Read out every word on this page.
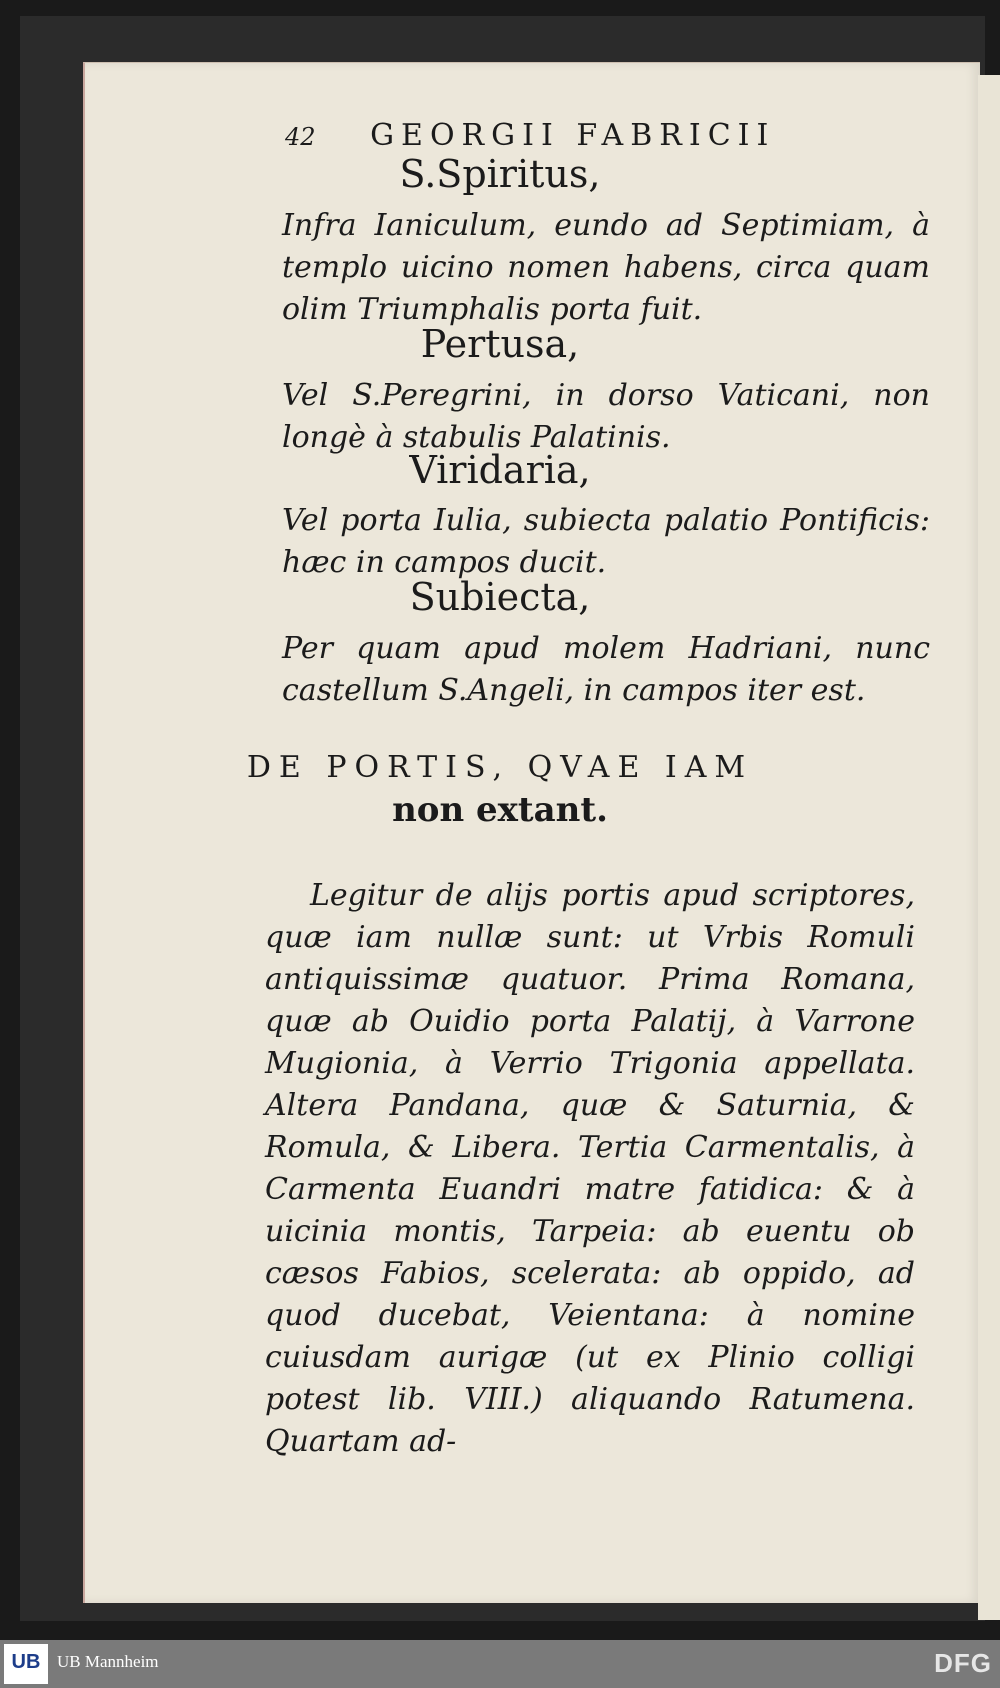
42 GEORGII FABRICII
S.Spiritus,
Infra Ianiculum, eundo ad Septimiam, à templo uicino nomen habens, circa quam olim Triumphalis porta fuit.
Pertusa,
Vel S.Peregrini, in dorso Vaticani, non longè à stabulis Palatinis.
Viridaria,
Vel porta Iulia, subiecta palatio Pontificis: hæc in campos ducit.
Subiecta,
Per quam apud molem Hadriani, nunc castellum S.Angeli, in campos iter est.
DE PORTIS, QVAE IAM
non extant.
Legitur de alijs portis apud scriptores, quæ iam nullæ sunt: ut Vrbis Romuli antiquissimæ quatuor. Prima Romana, quæ ab Ouidio porta Palatij, à Varrone Mugionia, à Verrio Trigonia appellata. Altera Pandana, quæ & Saturnia, & Romula, & Libera. Tertia Carmentalis, à Carmenta Euandri matre fatidica: & à uicinia montis, Tarpeia: ab euentu ob cæsos Fabios, scelerata: ab oppido, ad quod ducebat, Veientana: à nomine cuiusdam aurigæ (ut ex Plinio colligi potest lib. VIII.) aliquando Ratumena. Quartam ad-
UB UB Mannheim	DFG
